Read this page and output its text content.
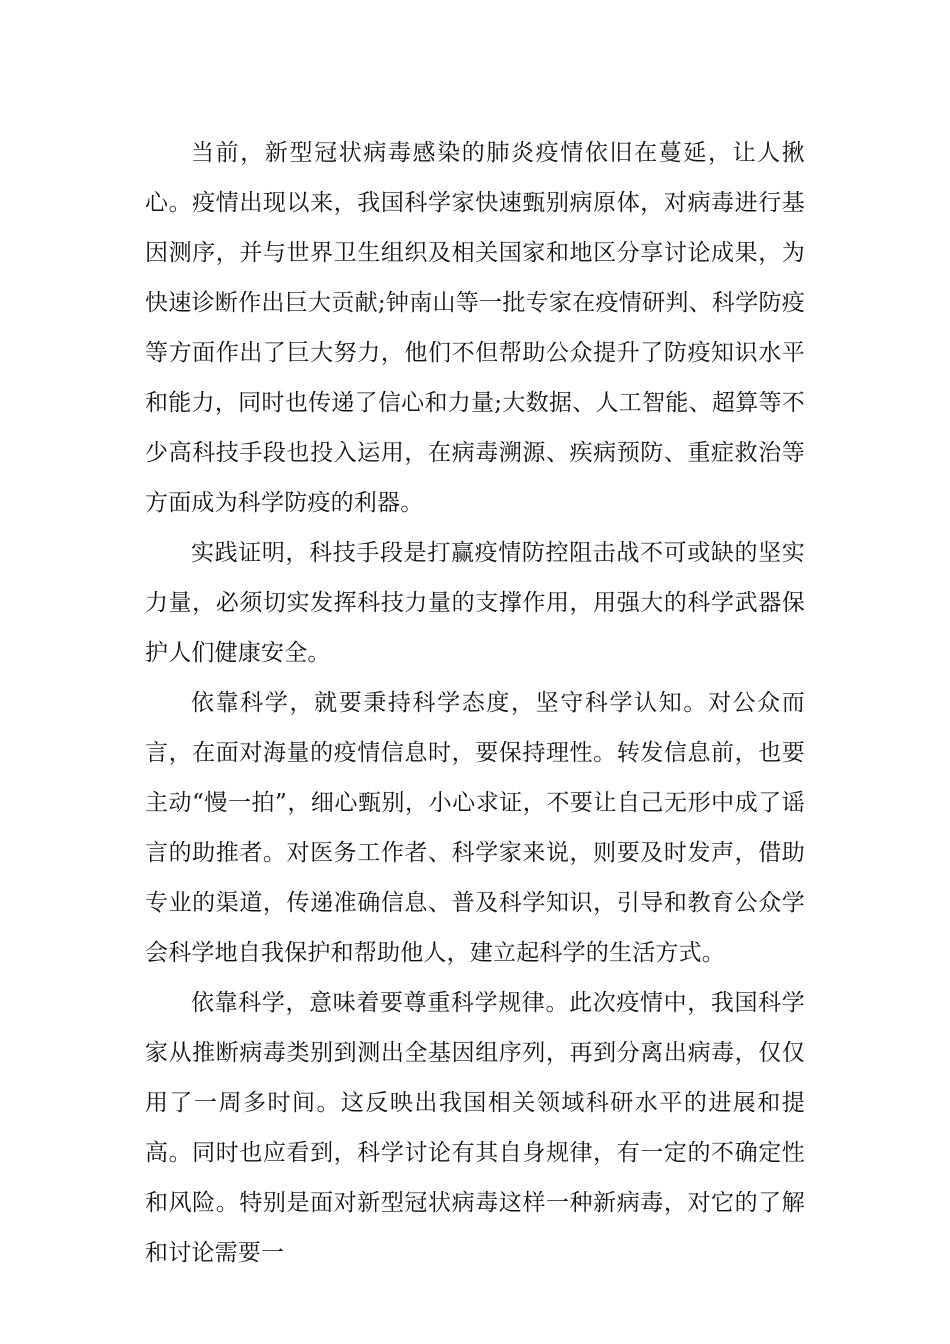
当前，新型冠状病毒感染的肺炎疫情依旧在蔓延，让人揪心。疫情出现以来，我国科学家快速甄别病原体，对病毒进行基因测序，并与世界卫生组织及相关国家和地区分享讨论成果，为快速诊断作出巨大贡献;钟南山等一批专家在疫情研判、科学防疫等方面作出了巨大努力，他们不但帮助公众提升了防疫知识水平和能力，同时也传递了信心和力量;大数据、人工智能、超算等不少高科技手段也投入运用，在病毒溯源、疾病预防、重症救治等方面成为科学防疫的利器。

实践证明，科技手段是打赢疫情防控阻击战不可或缺的坚实力量，必须切实发挥科技力量的支撑作用，用强大的科学武器保护人们健康安全。

依靠科学，就要秉持科学态度，坚守科学认知。对公众而言，在面对海量的疫情信息时，要保持理性。转发信息前，也要主动“慢一拍”，细心甄别，小心求证，不要让自己无形中成了谣言的助推者。对医务工作者、科学家来说，则要及时发声，借助专业的渠道，传递准确信息、普及科学知识，引导和教育公众学会科学地自我保护和帮助他人，建立起科学的生活方式。

依靠科学，意味着要尊重科学规律。此次疫情中，我国科学家从推断病毒类别到测出全基因组序列，再到分离出病毒，仅仅用了一周多时间。这反映出我国相关领域科研水平的进展和提高。同时也应看到，科学讨论有其自身规律，有一定的不确定性和风险。特别是面对新型冠状病毒这样一种新病毒，对它的了解和讨论需要一
